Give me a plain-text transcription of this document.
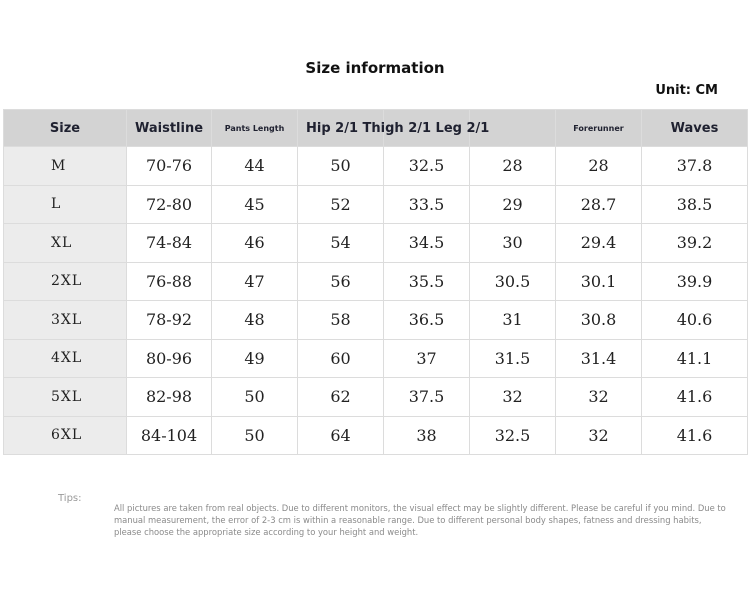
Size information
Unit: CM
Size	Waistline	Pants Length	Hip 2/1 Thigh 2/1 Leg 2/1			Forerunner	Waves
M	70-76	44	50	32.5	28	28	37.8
L	72-80	45	52	33.5	29	28.7	38.5
XL	74-84	46	54	34.5	30	29.4	39.2
2XL	76-88	47	56	35.5	30.5	30.1	39.9
3XL	78-92	48	58	36.5	31	30.8	40.6
4XL	80-96	49	60	37	31.5	31.4	41.1
5XL	82-98	50	62	37.5	32	32	41.6
6XL	84-104	50	64	38	32.5	32	41.6
Tips:
All pictures are taken from real objects. Due to different monitors, the visual effect may be slightly different. Please be careful if you mind. Due to manual measurement, the error of 2-3 cm is within a reasonable range. Due to different personal body shapes, fatness and dressing habits, please choose the appropriate size according to your height and weight.
